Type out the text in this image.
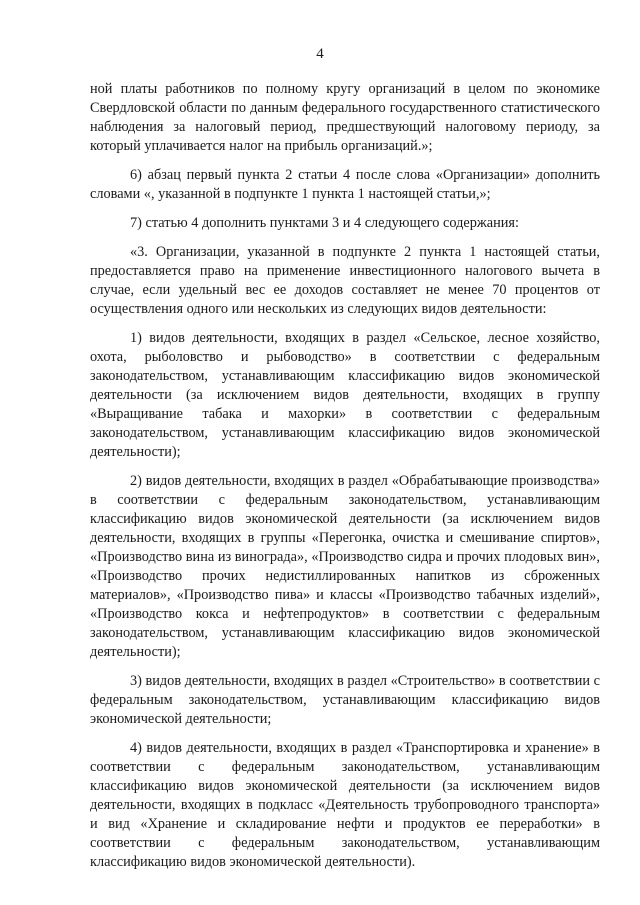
4

ной платы работников по полному кругу организаций в целом по экономике Свердловской области по данным федерального государственного статистического наблюдения за налоговый период, предшествующий налоговому периоду, за который уплачивается налог на прибыль организаций.»;

6) абзац первый пункта 2 статьи 4 после слова «Организации» дополнить словами «, указанной в подпункте 1 пункта 1 настоящей статьи,»;

7) статью 4 дополнить пунктами 3 и 4 следующего содержания:

«3. Организации, указанной в подпункте 2 пункта 1 настоящей статьи, предоставляется право на применение инвестиционного налогового вычета в случае, если удельный вес ее доходов составляет не менее 70 процентов от осуществления одного или нескольких из следующих видов деятельности:

1) видов деятельности, входящих в раздел «Сельское, лесное хозяйство, охота, рыболовство и рыбоводство» в соответствии с федеральным законодательством, устанавливающим классификацию видов экономической деятельности (за исключением видов деятельности, входящих в группу «Выращивание табака и махорки» в соответствии с федеральным законодательством, устанавливающим классификацию видов экономической деятельности);

2) видов деятельности, входящих в раздел «Обрабатывающие производства» в соответствии с федеральным законодательством, устанавливающим классификацию видов экономической деятельности (за исключением видов деятельности, входящих в группы «Перегонка, очистка и смешивание спиртов», «Производство вина из винограда», «Производство сидра и прочих плодовых вин», «Производство прочих недистиллированных напитков из сброженных материалов», «Производство пива» и классы «Производство табачных изделий», «Производство кокса и нефтепродуктов» в соответствии с федеральным законодательством, устанавливающим классификацию видов экономической деятельности);

3) видов деятельности, входящих в раздел «Строительство» в соответствии с федеральным законодательством, устанавливающим классификацию видов экономической деятельности;

4) видов деятельности, входящих в раздел «Транспортировка и хранение» в соответствии с федеральным законодательством, устанавливающим классификацию видов экономической деятельности (за исключением видов деятельности, входящих в подкласс «Деятельность трубопроводного транспорта» и вид «Хранение и складирование нефти и продуктов ее переработки» в соответствии с федеральным законодательством, устанавливающим классификацию видов экономической деятельности).
